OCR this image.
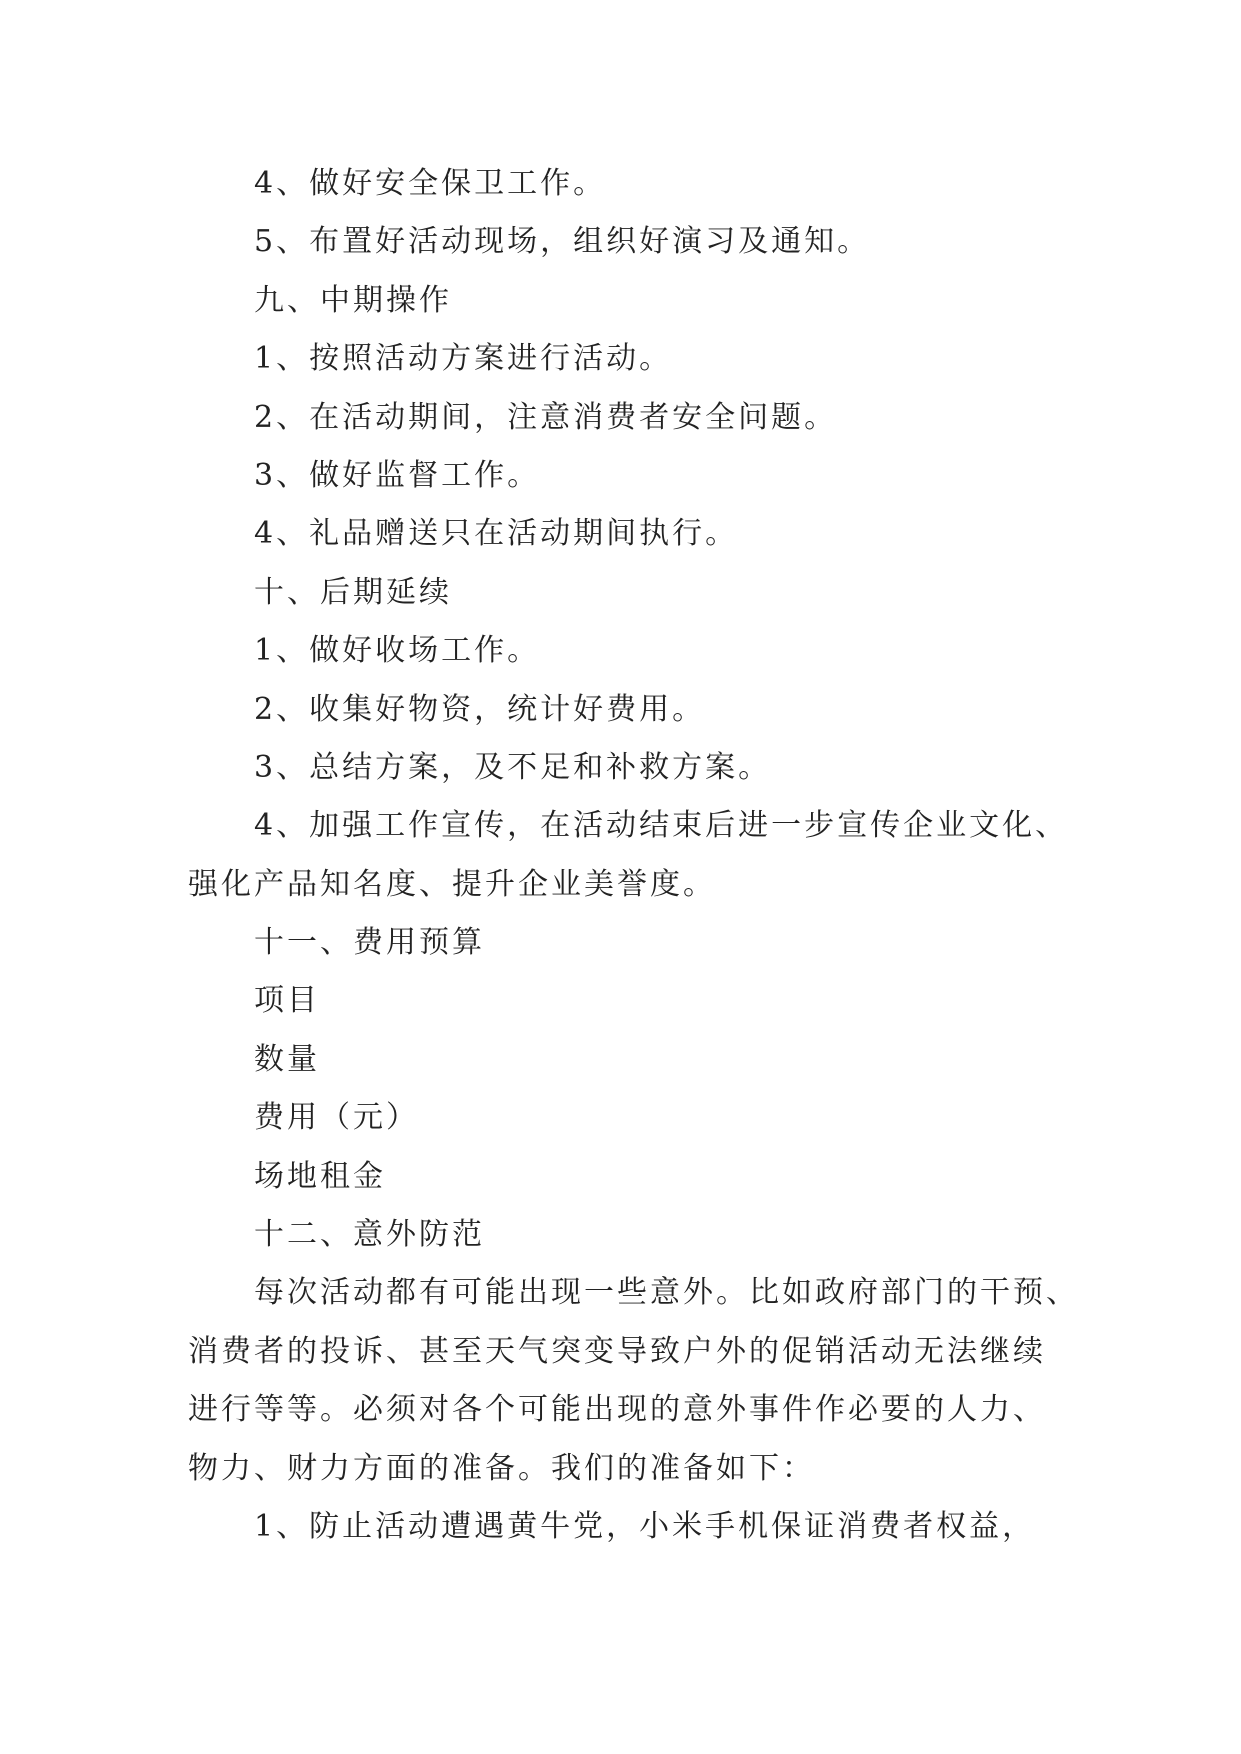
4、做好安全保卫工作。
5、布置好活动现场，组织好演习及通知。
九、中期操作
1、按照活动方案进行活动。
2、在活动期间，注意消费者安全问题。
3、做好监督工作。
4、礼品赠送只在活动期间执行。
十、后期延续
1、做好收场工作。
2、收集好物资，统计好费用。
3、总结方案，及不足和补救方案。
4、加强工作宣传，在活动结束后进一步宣传企业文化、
强化产品知名度、提升企业美誉度。
十一、费用预算
项目
数量
费用（元）
场地租金
十二、意外防范
每次活动都有可能出现一些意外。比如政府部门的干预、
消费者的投诉、甚至天气突变导致户外的促销活动无法继续
进行等等。必须对各个可能出现的意外事件作必要的人力、
物力、财力方面的准备。我们的准备如下：
1、防止活动遭遇黄牛党，小米手机保证消费者权益，
